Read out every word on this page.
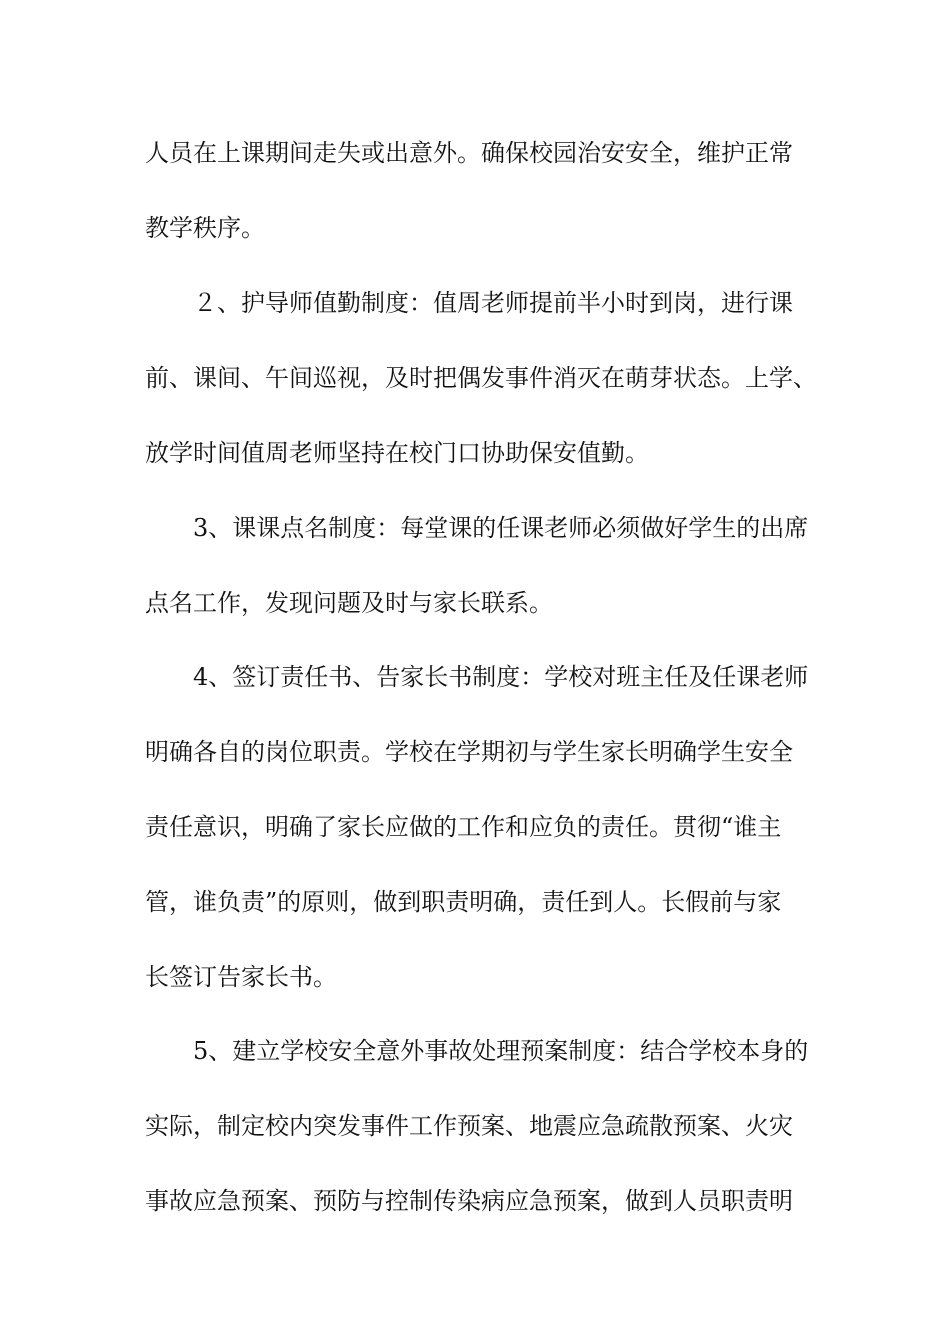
人员在上课期间走失或出意外。确保校园治安安全，维护正常
教学秩序。
　２、护导师值勤制度：值周老师提前半小时到岗，进行课
前、课间、午间巡视，及时把偶发事件消灭在萌芽状态。上学、
放学时间值周老师坚持在校门口协助保安值勤。
　3、课课点名制度：每堂课的任课老师必须做好学生的出席
点名工作，发现问题及时与家长联系。
　4、签订责任书、告家长书制度：学校对班主任及任课老师
明确各自的岗位职责。学校在学期初与学生家长明确学生安全
责任意识，明确了家长应做的工作和应负的责任。贯彻“谁主
管，谁负责”的原则，做到职责明确，责任到人。长假前与家
长签订告家长书。
　5、建立学校安全意外事故处理预案制度：结合学校本身的
实际，制定校内突发事件工作预案、地震应急疏散预案、火灾
事故应急预案、预防与控制传染病应急预案，做到人员职责明
